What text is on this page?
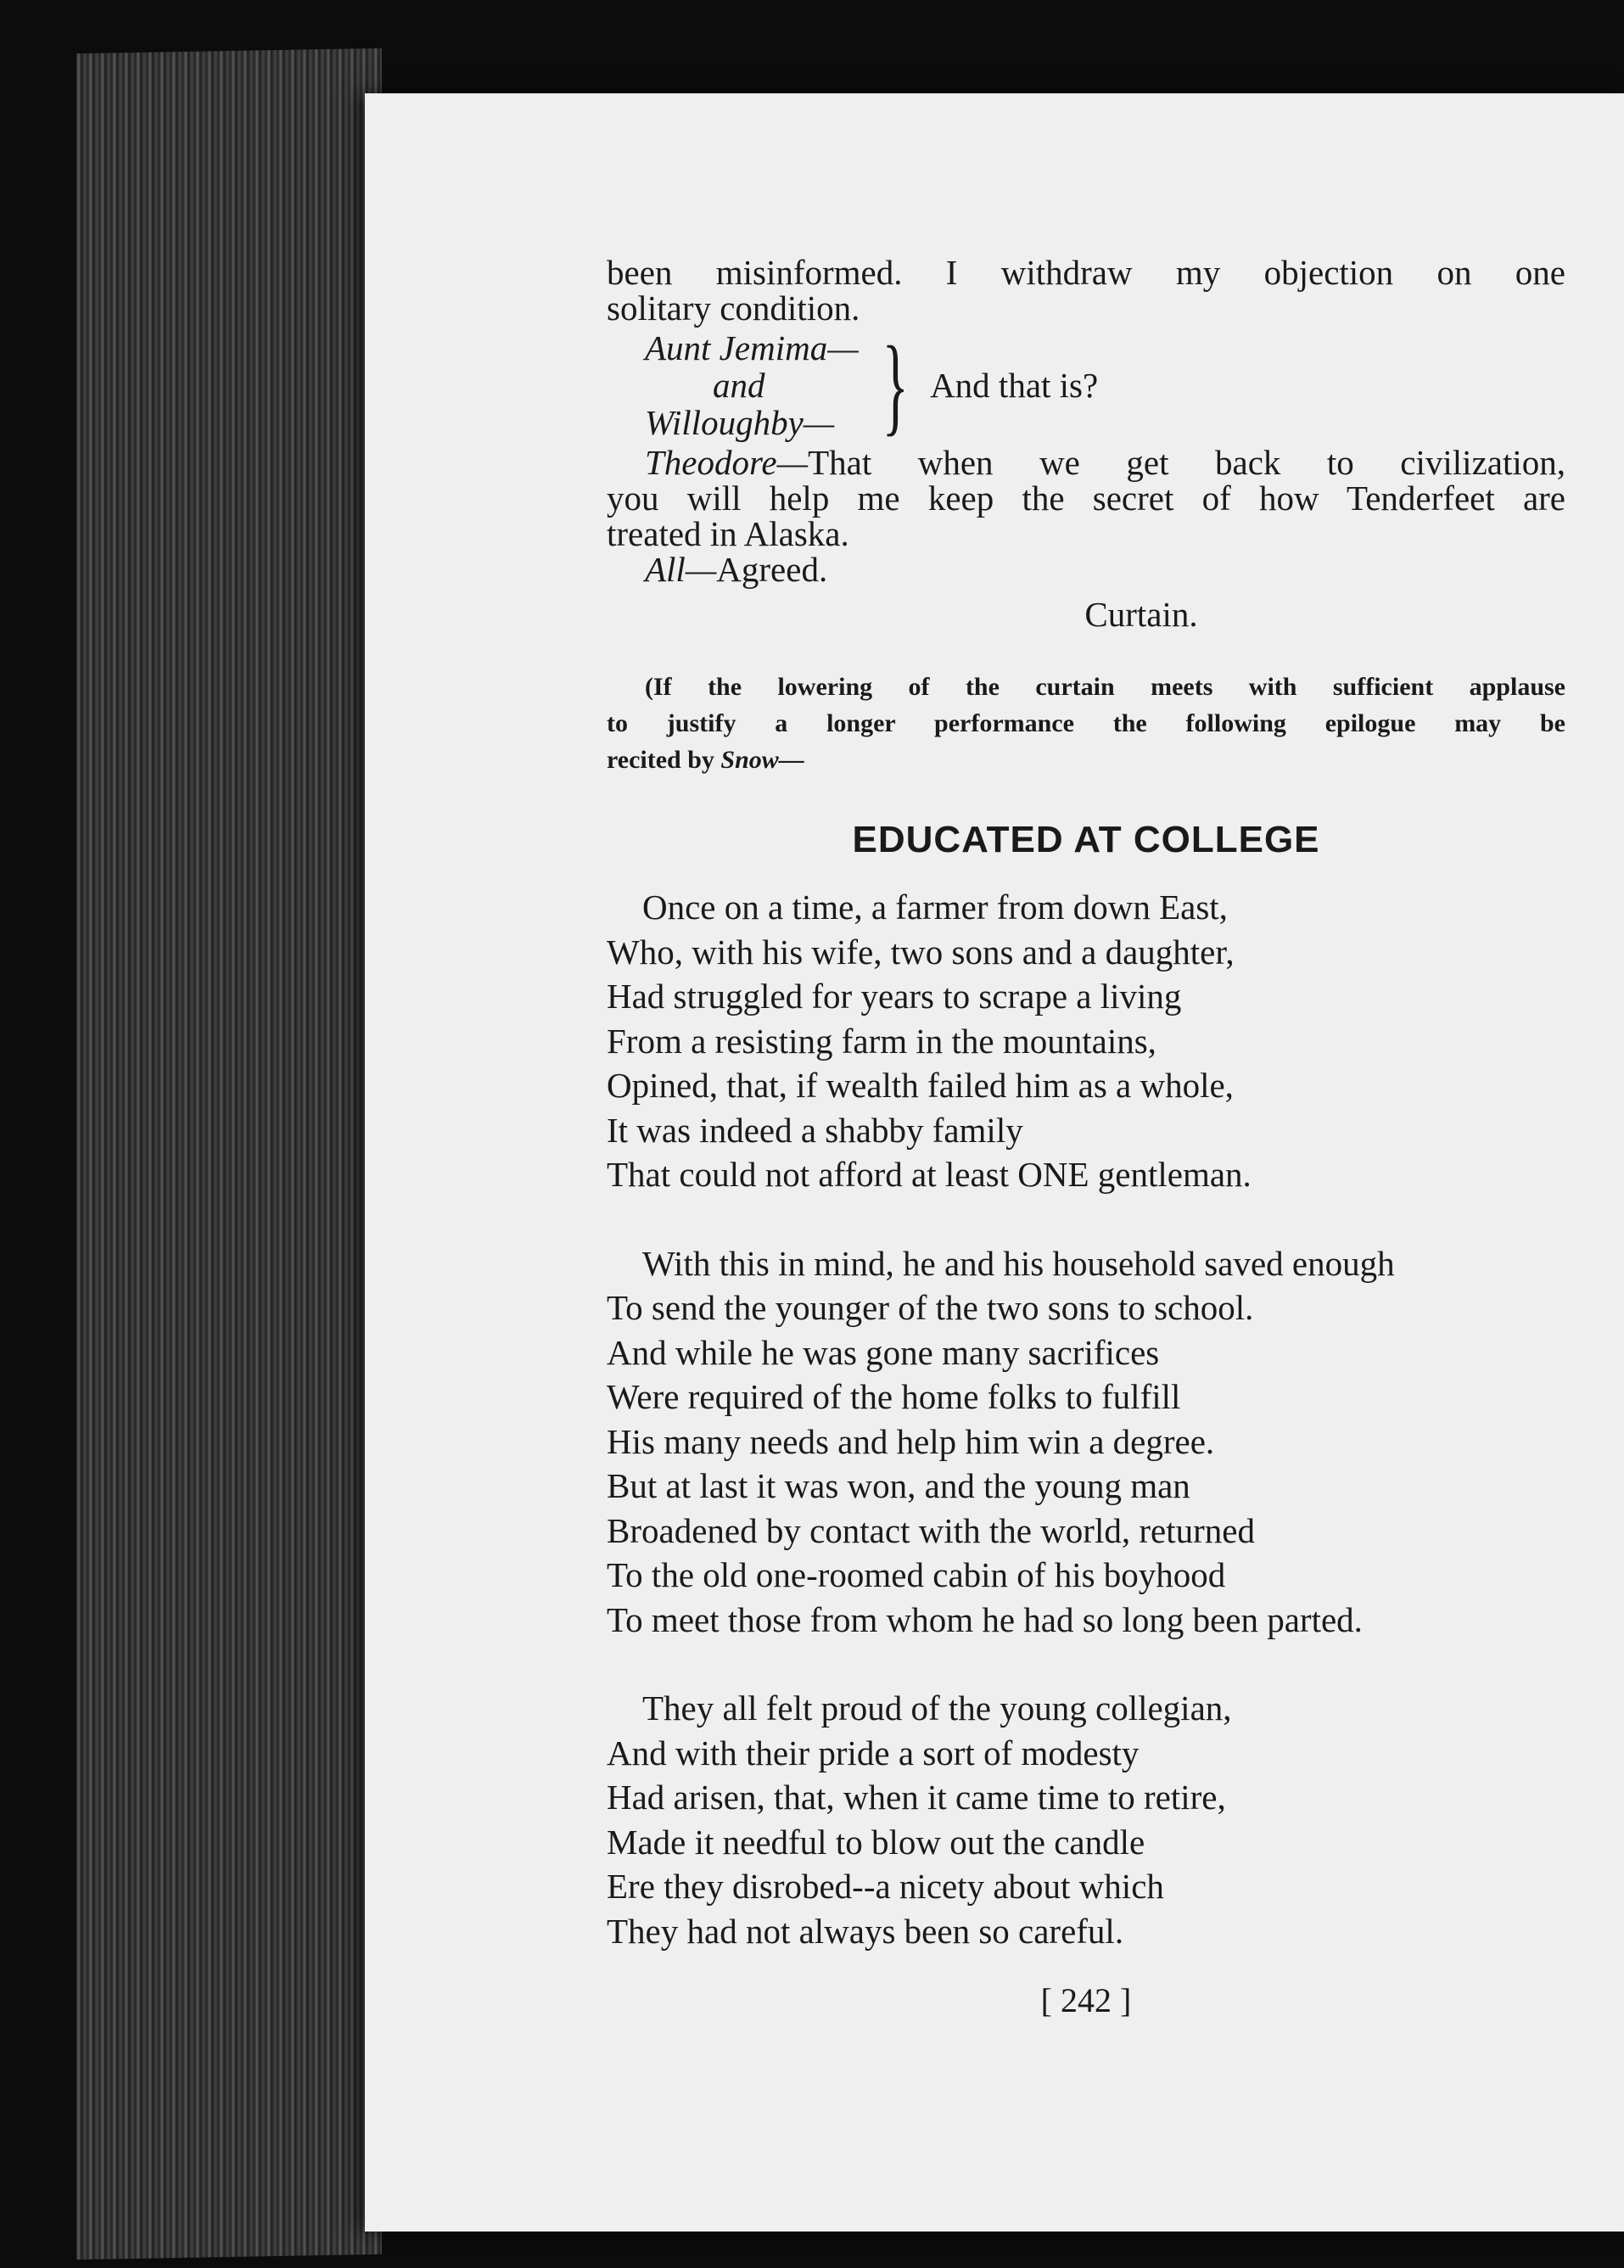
been misinformed. I withdraw my objection on one

solitary condition.

Aunt Jemima—
and
Willoughby— } And that is?

Theodore—That when we get back to civilization,

you will help me keep the secret of how Tenderfeet are

treated in Alaska.

All—Agreed.

Curtain.

(If the lowering of the curtain meets with sufficient applause
to justify a longer performance the following epilogue may be
recited by Snow—
EDUCATED AT COLLEGE
Once on a time, a farmer from down East,
Who, with his wife, two sons and a daughter,
Had struggled for years to scrape a living
From a resisting farm in the mountains,
Opined, that, if wealth failed him as a whole,
It was indeed a shabby family
That could not afford at least ONE gentleman.
With this in mind, he and his household saved enough
To send the younger of the two sons to school.
And while he was gone many sacrifices
Were required of the home folks to fulfill
His many needs and help him win a degree.
But at last it was won, and the young man
Broadened by contact with the world, returned
To the old one-roomed cabin of his boyhood
To meet those from whom he had so long been parted.
They all felt proud of the young collegian,
And with their pride a sort of modesty
Had arisen, that, when it came time to retire,
Made it needful to blow out the candle
Ere they disrobed--a nicety about which
They had not always been so careful.
[ 242 ]
